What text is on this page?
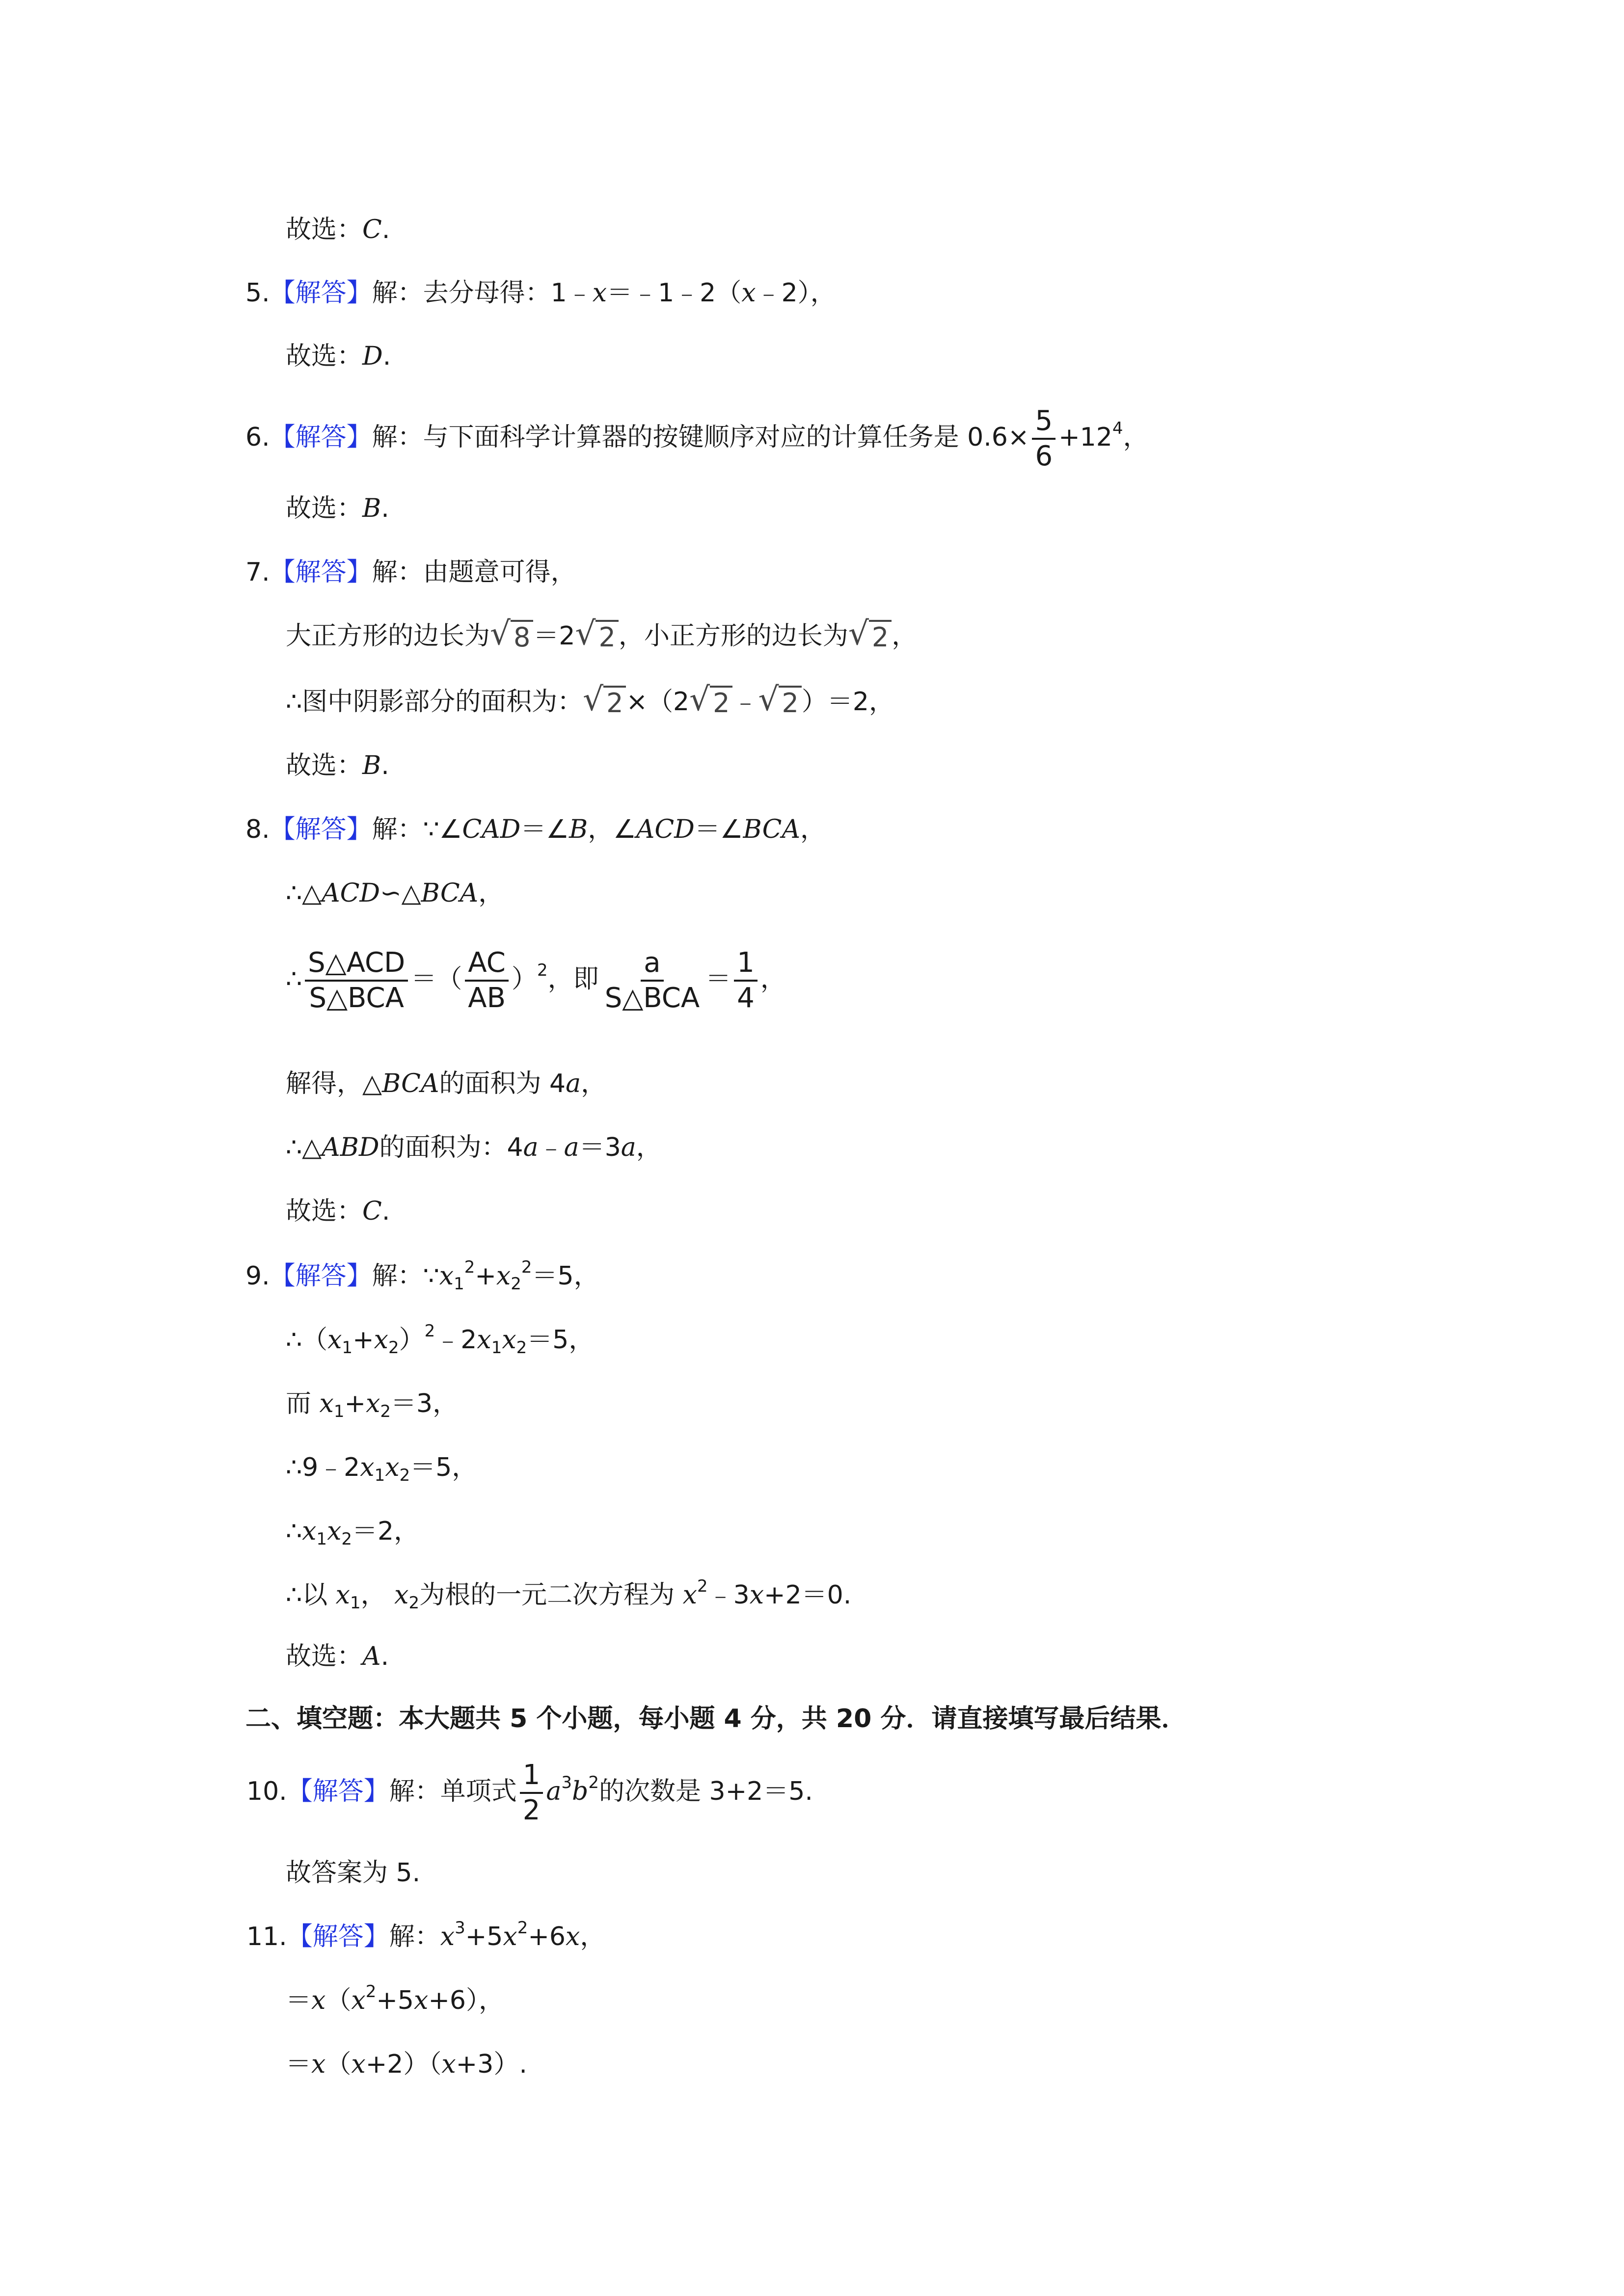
故选：C.
5.【解答】解：去分母得：1﹣x＝﹣1﹣2（x﹣2），
故选：D.
6.【解答】解：与下面科学计算器的按键顺序对应的计算任务是 $0.6\times \frac{5}{6} +12^4$，
故选：B.
7.【解答】解：由题意可得，
大正方形的边长为 √ 8 ＝2 √ 2 ，小正方形的边长为 √ 2 ，
∴图中阴影部分的面积为： √ 2 ×（2 √ 2 ﹣ √ 2 ）＝2，
故选：B.
8.【解答】解：∵∠CAD＝∠B，∠ACD＝∠BCA，
∴△ACD∽△BCA，
∴ $\frac{\text{S△ACD}}{\text{S△BCA}}$ ＝（ $\frac{AC}{AB} )^2$，即 $\frac{a}{\text{S△BCA}} = \frac{1}{4}$ ，
解得，△BCA的面积为 4a，
∴△ABD的面积为：4a﹣a＝3a，
故选：C.
9.【解答】解：$\because x_1^2+x_2^2=5$，
$\therefore(x_1+x_2)^2﹣2x_1x_2=5$，
而 $x_1+x_2=3$，
$\therefore 9﹣2x_1x_2=5$，
$\therefore x_1x_2=2$，
∴以 $x_1$， $x_2$为根的一元二次方程为 $x^2﹣3x+2=0$.
故选：A.
二、填空题：本大题共 5 个小题，每小题 4 分，共 20 分．请直接填写最后结果．
10.【解答】解：单项式 $\frac{1}{2} a^3b^2$的次数是 3+2＝5.
故答案为 5.
11.【解答】解：$x^3+5x^2+6x$，
$=x(x^2+5x+6)$，
＝x（x+2）（x+3）.
